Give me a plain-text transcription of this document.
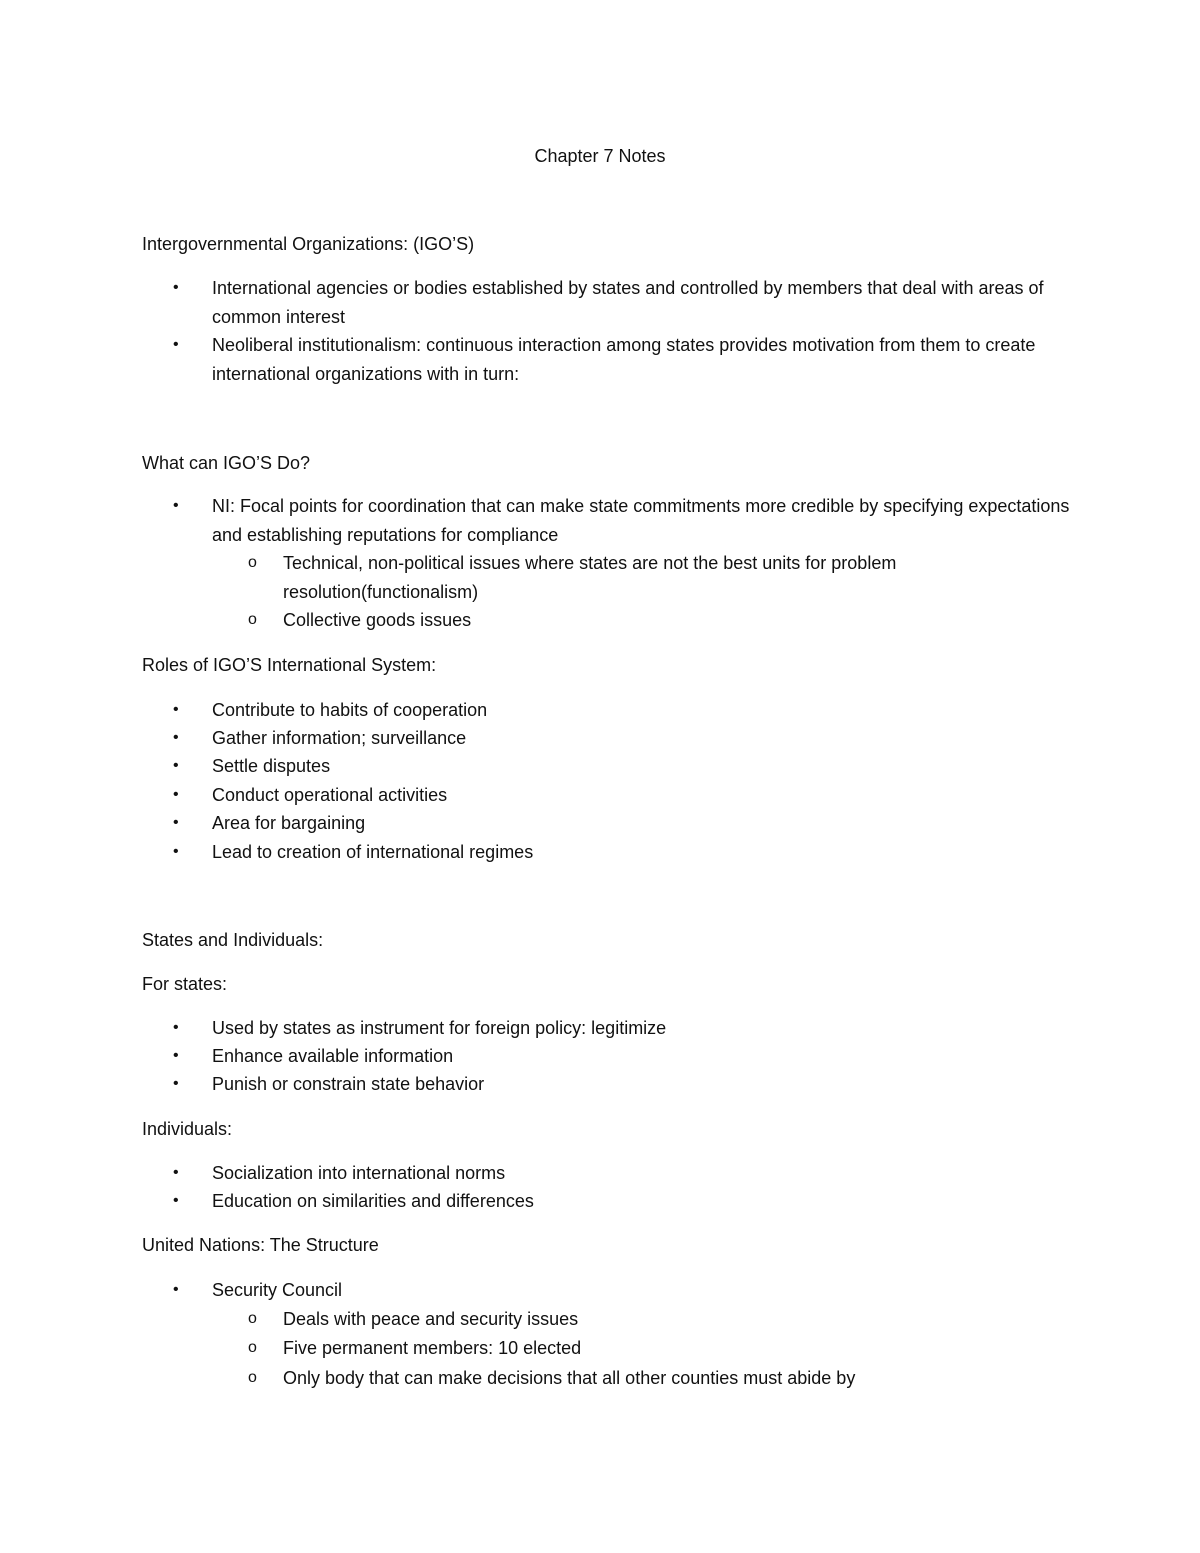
Chapter 7 Notes
Intergovernmental Organizations: (IGO’S)
• International agencies or bodies established by states and controlled by members that deal with areas of common interest
• Neoliberal institutionalism: continuous interaction among states provides motivation from them to create international organizations with in turn:
What can IGO’S Do?
• NI: Focal points for coordination that can make state commitments more credible by specifying expectations and establishing reputations for compliance
o Technical, non-political issues where states are not the best units for problem resolution(functionalism)
o Collective goods issues
Roles of IGO’S International System:
• Contribute to habits of cooperation
• Gather information; surveillance
• Settle disputes
• Conduct operational activities
• Area for bargaining
• Lead to creation of international regimes
States and Individuals:
For states:
• Used by states as instrument for foreign policy: legitimize
• Enhance available information
• Punish or constrain state behavior
Individuals:
• Socialization into international norms
• Education on similarities and differences
United Nations: The Structure
• Security Council
o Deals with peace and security issues
o Five permanent members: 10 elected
o Only body that can make decisions that all other counties must abide by
